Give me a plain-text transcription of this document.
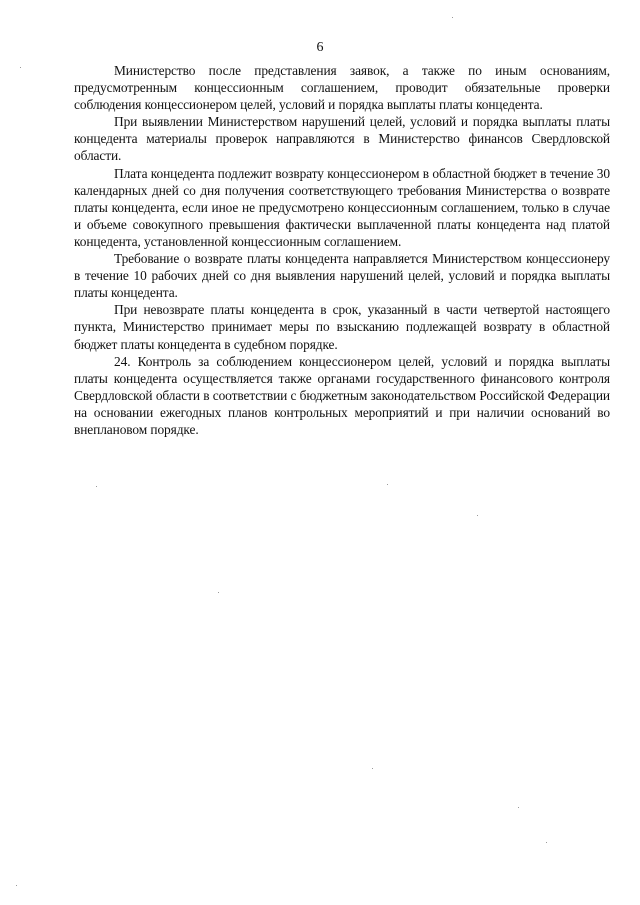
6

Министерство после представления заявок, а также по иным основаниям, предусмотренным концессионным соглашением, проводит обязательные проверки соблюдения концессионером целей, условий и порядка выплаты платы концедента.

При выявлении Министерством нарушений целей, условий и порядка выплаты платы концедента материалы проверок направляются в Министерство финансов Свердловской области.

Плата концедента подлежит возврату концессионером в областной бюджет в течение 30 календарных дней со дня получения соответствующего требования Министерства о возврате платы концедента, если иное не предусмотрено концессионным соглашением, только в случае и объеме совокупного превышения фактически выплаченной платы концедента над платой концедента, установленной концессионным соглашением.

Требование о возврате платы концедента направляется Министерством концессионеру в течение 10 рабочих дней со дня выявления нарушений целей, условий и порядка выплаты платы концедента.

При невозврате платы концедента в срок, указанный в части четвертой настоящего пункта, Министерство принимает меры по взысканию подлежащей возврату в областной бюджет платы концедента в судебном порядке.

24. Контроль за соблюдением концессионером целей, условий и порядка выплаты платы концедента осуществляется также органами государственного финансового контроля Свердловской области в соответствии с бюджетным законодательством Российской Федерации на основании ежегодных планов контрольных мероприятий и при наличии оснований во внеплановом порядке.
